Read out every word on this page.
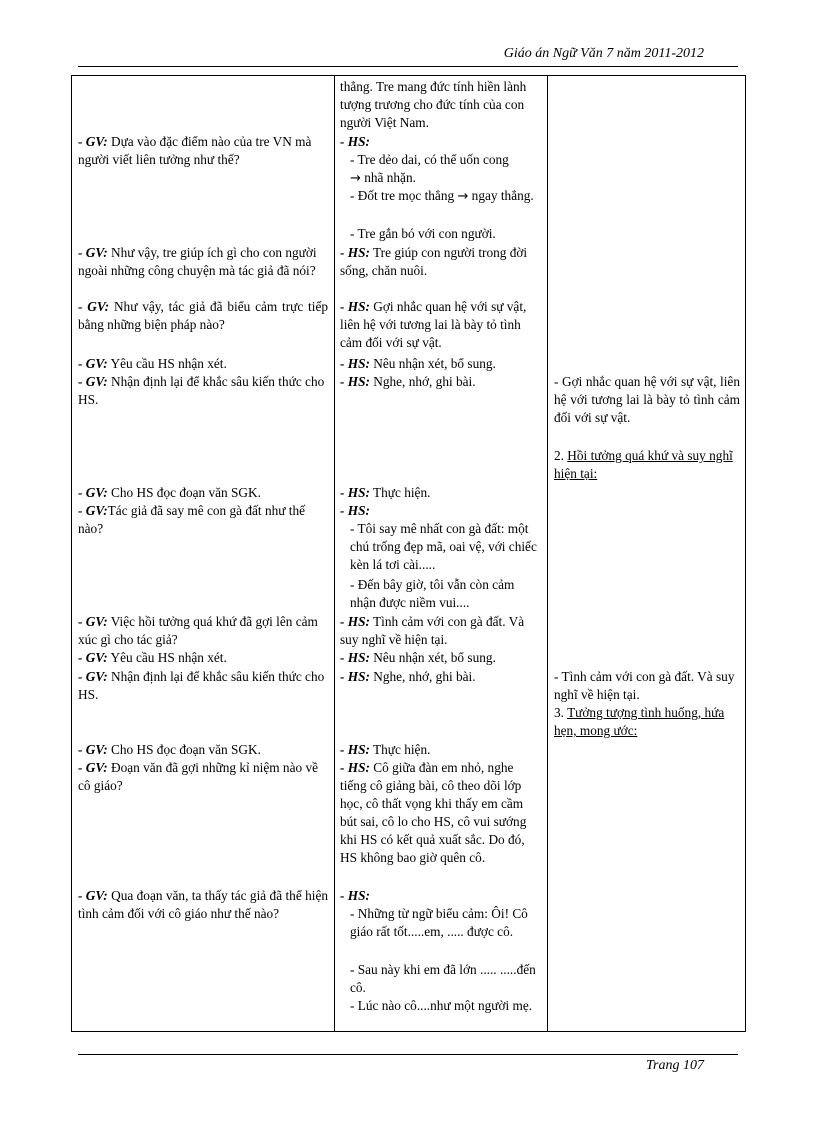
Giáo án Ngữ Văn 7 năm 2011-2012

- GV: Dựa vào đặc điểm nào của tre VN mà người viết liên tưởng như thế?

- GV: Như vậy, tre giúp ích gì cho con người ngoài những công chuyện mà tác giả đã nói?

- GV: Như vậy, tác giả đã biểu cảm trực tiếp bằng những biện pháp nào?

- GV: Yêu cầu HS nhận xét.

- GV: Nhận định lại để khắc sâu kiến thức cho HS.

- GV: Cho HS đọc đoạn văn SGK.

- GV:Tác giả đã say mê con gà đất như thế nào?

- GV: Việc hồi tưởng quá khứ đã gợi lên cảm xúc gì cho tác giả?

- GV: Yêu cầu HS nhận xét.

- GV: Nhận định lại để khắc sâu kiến thức cho HS.

- GV: Cho HS đọc đoạn văn SGK.

- GV: Đoạn văn đã gợi những kỉ niệm nào về cô giáo?

- GV: Qua đoạn văn, ta thấy tác giả đã thể hiện tình cảm đối với cô giáo như thế nào?

thẳng. Tre mang đức tính hiền lành tượng trương cho đức tính của con người Việt Nam.

- HS:

- Tre dẻo dai, có thể uốn cong
→ nhã nhặn.

- Đốt tre mọc thẳng → ngay thẳng.

- Tre gắn bó với con người.

- HS: Tre giúp con người trong đời sống, chăn nuôi.

- HS: Gợi nhắc quan hệ với sự vật, liên hệ với tương lai là bày tỏ tình cảm đối với sự vật.

- HS: Nêu nhận xét, bổ sung.

- HS: Nghe, nhớ, ghi bài.

- HS: Thực hiện.

- HS:

- Tôi say mê nhất con gà đất: một chú trống đẹp mã, oai vệ, với chiếc kèn lá tơi cài.....

- Đến bây giờ, tôi vẫn còn cảm nhận được niềm vui....

- HS: Tình cảm với con gà đất. Và suy nghĩ về hiện tại.

- HS: Nêu nhận xét, bổ sung.

- HS: Nghe, nhớ, ghi bài.

- HS: Thực hiện.

- HS: Cô giữa đàn em nhỏ, nghe tiếng cô giảng bài, cô theo dõi lớp học, cô thất vọng khi thấy em cầm bút sai, cô lo cho HS, cô vui sướng khi HS có kết quả xuất sắc. Do đó, HS không bao giờ quên cô.

- HS:

- Những từ ngữ biểu cảm: Ôi! Cô giáo rất tốt.....em, ..... được cô.

- Sau này khi em đã lớn ..... .....đến cô.

- Lúc nào cô....như một người mẹ.

- Gợi nhắc quan hệ với sự vật, liên hệ với tương lai là bày tỏ tình cảm đối với sự vật.

2. Hồi tưởng quá khứ và suy nghĩ hiện tại:

- Tình cảm với con gà đất. Và suy nghĩ về hiện tại.

3. Tưởng tượng tình huống, hứa hẹn, mong ước:

Trang 107
